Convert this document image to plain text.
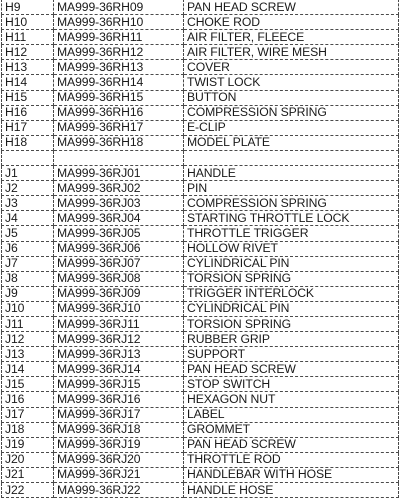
H9	MA999-36RH09	PAN HEAD SCREW
H10	MA999-36RH10	CHOKE ROD
H11	MA999-36RH11	AIR FILTER, FLEECE
H12	MA999-36RH12	AIR FILTER, WIRE MESH
H13	MA999-36RH13	COVER
H14	MA999-36RH14	TWIST LOCK
H15	MA999-36RH15	BUTTON
H16	MA999-36RH16	COMPRESSION SPRING
H17	MA999-36RH17	E-CLIP
H18	MA999-36RH18	MODEL PLATE

J1	MA999-36RJ01	HANDLE
J2	MA999-36RJ02	PIN
J3	MA999-36RJ03	COMPRESSION SPRING
J4	MA999-36RJ04	STARTING THROTTLE LOCK
J5	MA999-36RJ05	THROTTLE TRIGGER
J6	MA999-36RJ06	HOLLOW RIVET
J7	MA999-36RJ07	CYLINDRICAL PIN
J8	MA999-36RJ08	TORSION SPRING
J9	MA999-36RJ09	TRIGGER INTERLOCK
J10	MA999-36RJ10	CYLINDRICAL PIN
J11	MA999-36RJ11	TORSION SPRING
J12	MA999-36RJ12	RUBBER GRIP
J13	MA999-36RJ13	SUPPORT
J14	MA999-36RJ14	PAN HEAD SCREW
J15	MA999-36RJ15	STOP SWITCH
J16	MA999-36RJ16	HEXAGON NUT
J17	MA999-36RJ17	LABEL
J18	MA999-36RJ18	GROMMET
J19	MA999-36RJ19	PAN HEAD SCREW
J20	MA999-36RJ20	THROTTLE ROD
J21	MA999-36RJ21	HANDLEBAR WITH HOSE
J22	MA999-36RJ22	HANDLE HOSE
